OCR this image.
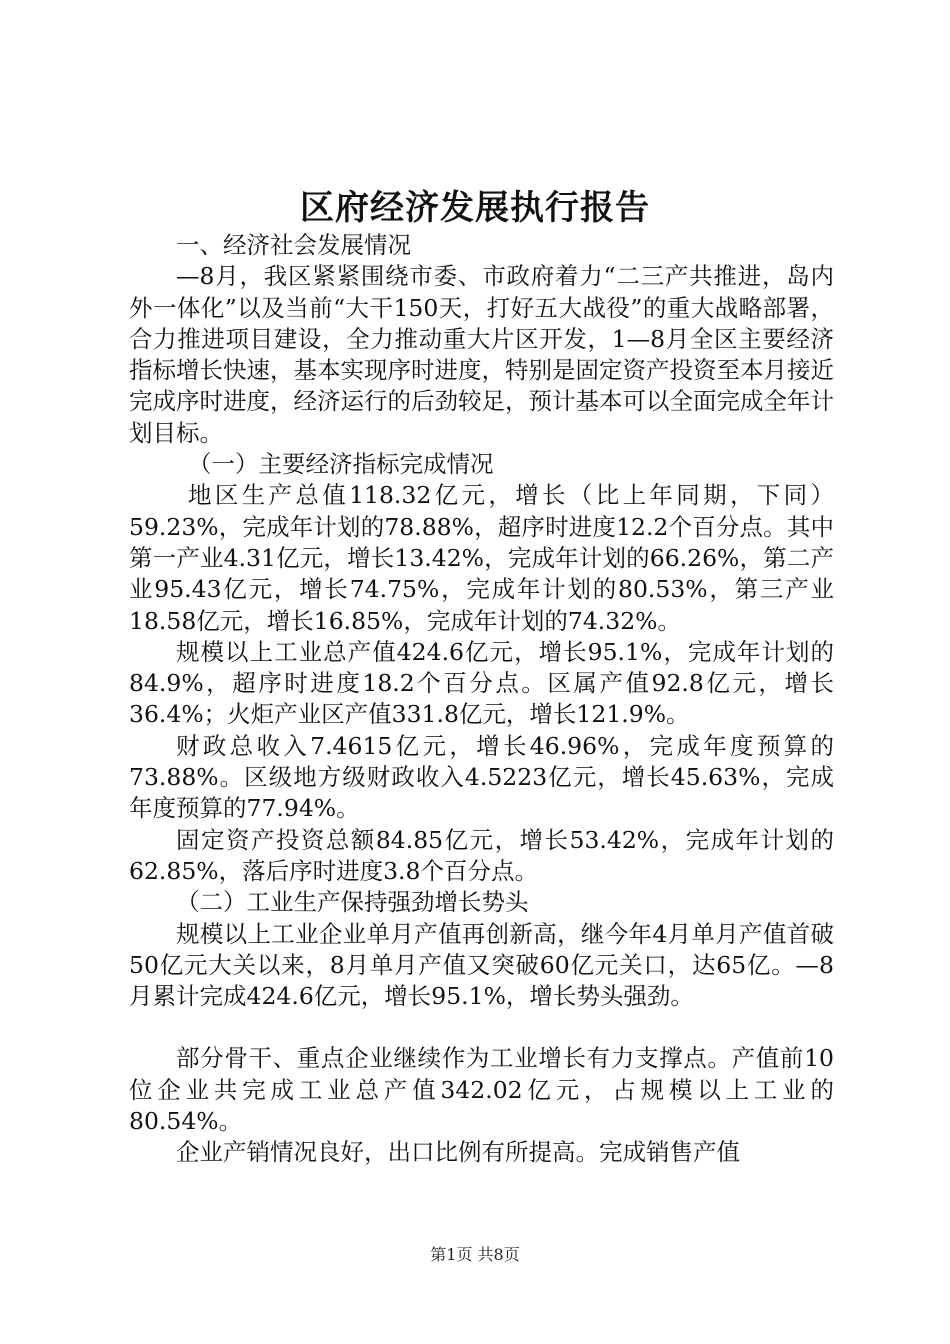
区府经济发展执行报告

一、经济社会发展情况

—8月，我区紧紧围绕市委、市政府着力“二三产共推进，岛内外一体化”以及当前“大干150天，打好五大战役”的重大战略部署，合力推进项目建设，全力推动重大片区开发，1—8月全区主要经济指标增长快速，基本实现序时进度，特别是固定资产投资至本月接近完成序时进度，经济运行的后劲较足，预计基本可以全面完成全年计划目标。

（一）主要经济指标完成情况

地区生产总值118.32亿元，增长（比上年同期，下同）59.23%，完成年计划的78.88%，超序时进度12.2个百分点。其中第一产业4.31亿元，增长13.42%，完成年计划的66.26%，第二产业95.43亿元，增长74.75%，完成年计划的80.53%，第三产业18.58亿元，增长16.85%，完成年计划的74.32%。

规模以上工业总产值424.6亿元，增长95.1%，完成年计划的84.9%，超序时进度18.2个百分点。区属产值92.8亿元，增长36.4%；火炬产业区产值331.8亿元，增长121.9%。

财政总收入7.4615亿元，增长46.96%，完成年度预算的73.88%。区级地方级财政收入4.5223亿元，增长45.63%，完成年度预算的77.94%。

固定资产投资总额84.85亿元，增长53.42%，完成年计划的62.85%，落后序时进度3.8个百分点。

（二）工业生产保持强劲增长势头

规模以上工业企业单月产值再创新高，继今年4月单月产值首破50亿元大关以来，8月单月产值又突破60亿元关口，达65亿。—8月累计完成424.6亿元，增长95.1%，增长势头强劲。

部分骨干、重点企业继续作为工业增长有力支撑点。产值前10位企业共完成工业总产值342.02亿元，占规模以上工业的80.54%。

企业产销情况良好，出口比例有所提高。完成销售产值

第1页 共8页
